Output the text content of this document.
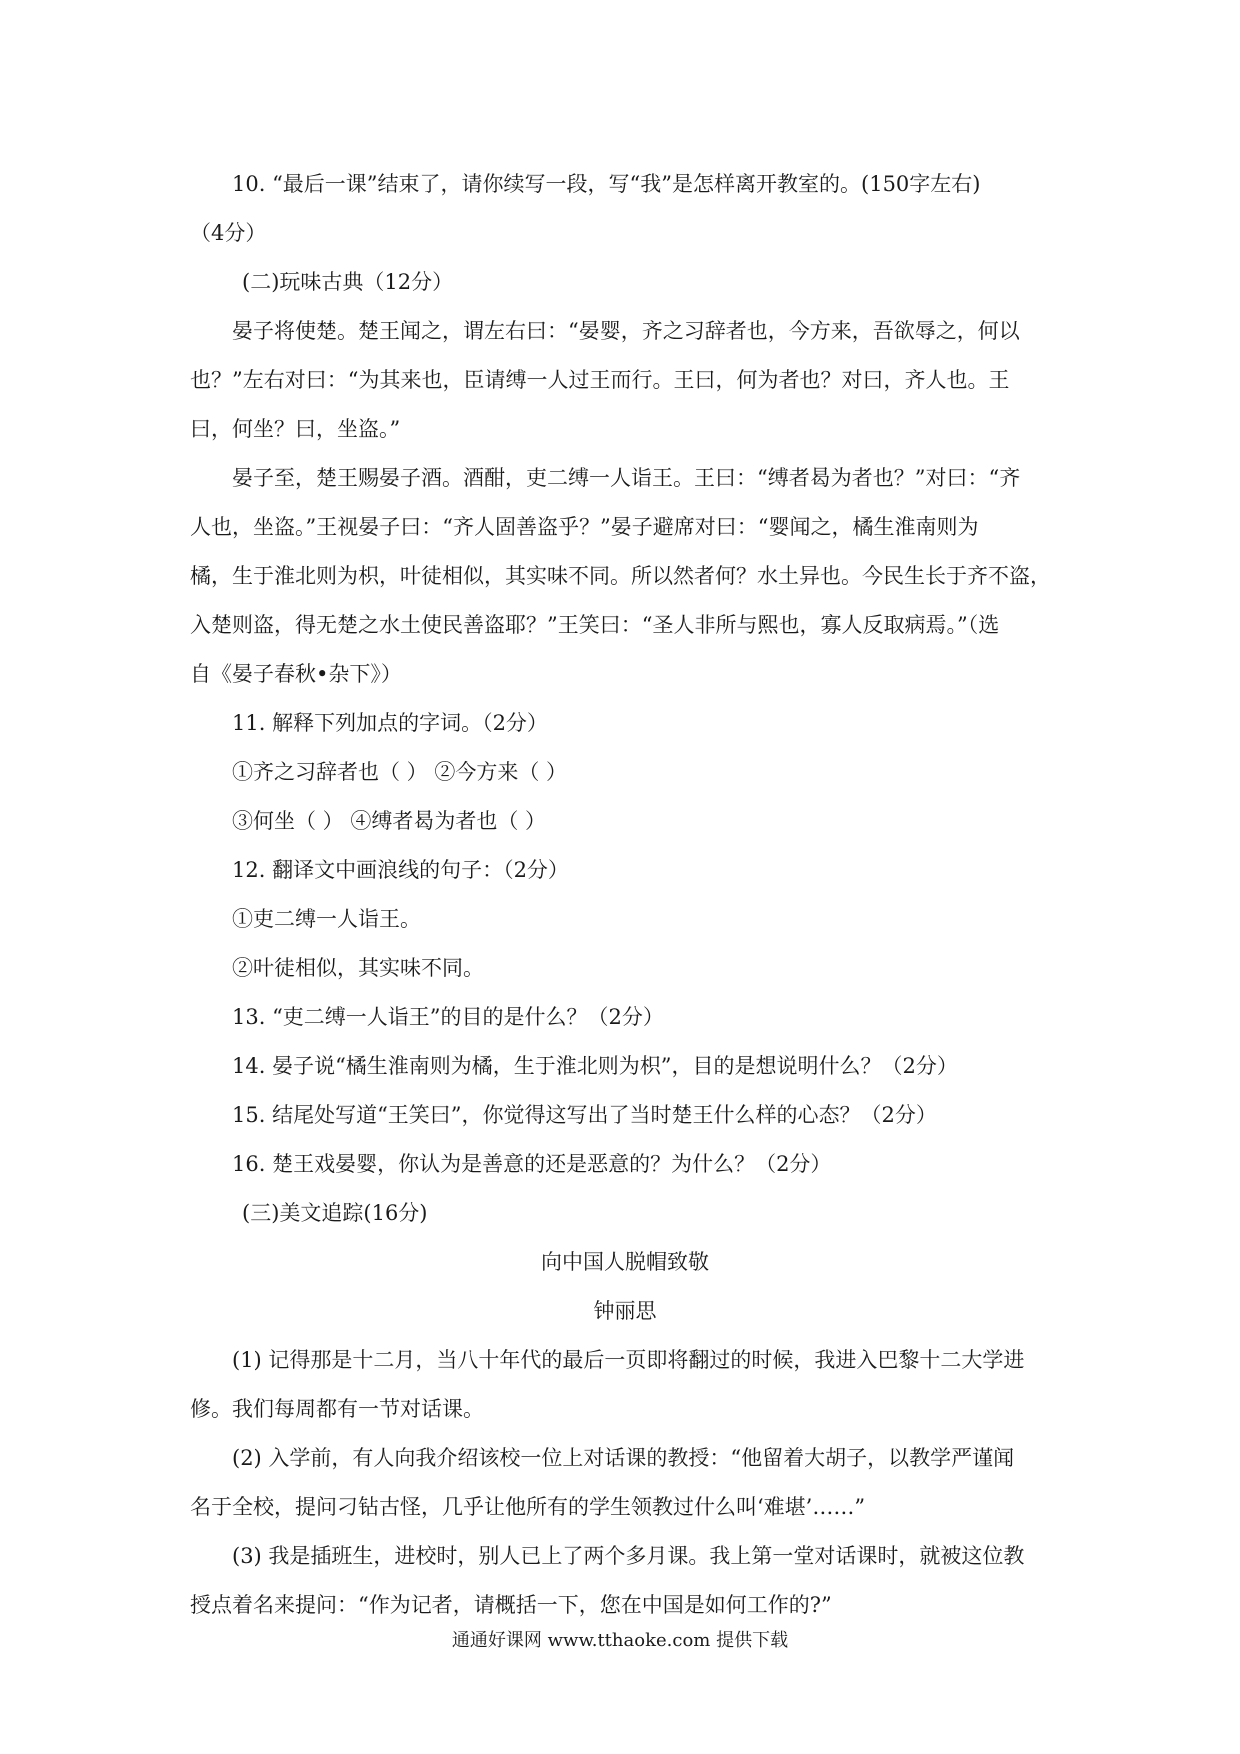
10. “最后一课”结束了，请你续写一段，写“我”是怎样离开教室的。(150字左右)
（4分）
(二)玩味古典（12分）
晏子将使楚。楚王闻之，谓左右曰：“晏婴，齐之习辞者也，今方来，吾欲辱之，何以
也？”左右对曰：“为其来也，臣请缚一人过王而行。王曰，何为者也？对曰，齐人也。王
曰，何坐？曰，坐盗。”
晏子至，楚王赐晏子酒。酒酣，吏二缚一人诣王。王曰：“缚者曷为者也？”对曰：“齐
人也，坐盗。”王视晏子曰：“齐人固善盗乎？”晏子避席对曰：“婴闻之，橘生淮南则为
橘，生于淮北则为枳，叶徒相似，其实味不同。所以然者何？水土异也。今民生长于齐不盗，
入楚则盗，得无楚之水土使民善盗耶？”王笑曰：“圣人非所与熙也，寡人反取病焉。”（选
自《晏子春秋•杂下》）
11. 解释下列加点的字词。（2分）
①齐之习辞者也（ ） ②今方来（ ）
③何坐（ ） ④缚者曷为者也（ ）
12. 翻译文中画浪线的句子：（2分）
①吏二缚一人诣王。
②叶徒相似，其实味不同。
13. “吏二缚一人诣王”的目的是什么？（2分）
14. 晏子说“橘生淮南则为橘，生于淮北则为枳”，目的是想说明什么？（2分）
15. 结尾处写道“王笑曰”，你觉得这写出了当时楚王什么样的心态？（2分）
16. 楚王戏晏婴，你认为是善意的还是恶意的？为什么？（2分）
(三)美文追踪(16分)
向中国人脱帽致敬
钟丽思
(1) 记得那是十二月，当八十年代的最后一页即将翻过的时候，我进入巴黎十二大学进
修。我们每周都有一节对话课。
(2) 入学前，有人向我介绍该校一位上对话课的教授：“他留着大胡子，以教学严谨闻
名于全校，提问刁钻古怪，几乎让他所有的学生领教过什么叫‘难堪’……”
(3) 我是插班生，进校时，别人已上了两个多月课。我上第一堂对话课时，就被这位教
授点着名来提问：“作为记者，请概括一下，您在中国是如何工作的?”
通通好课网 www.tthaoke.com 提供下载
